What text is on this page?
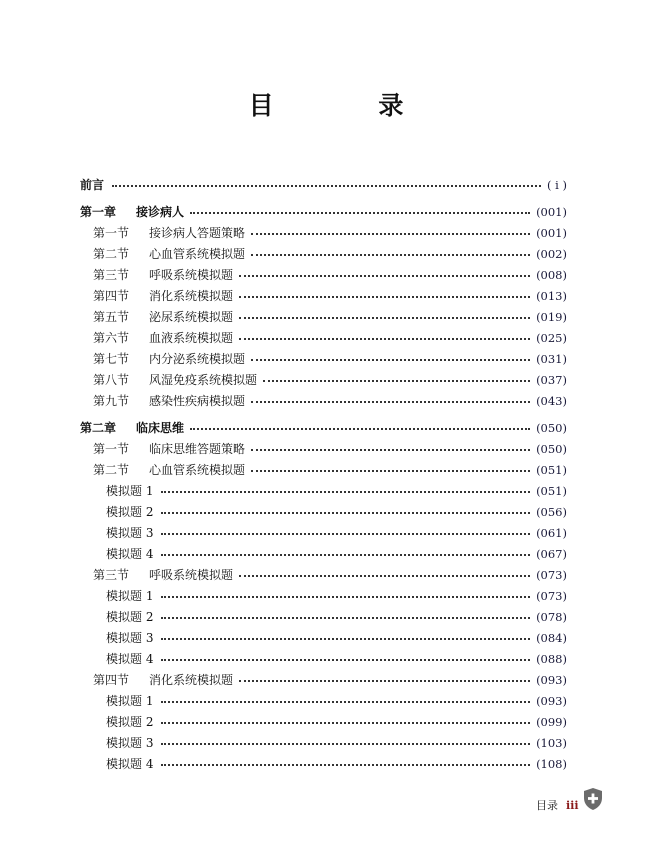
目 录
前言	( ⅰ )
第一章 接诊病人	(001)
第一节 接诊病人答题策略	(001)
第二节 心血管系统模拟题	(002)
第三节 呼吸系统模拟题	(008)
第四节 消化系统模拟题	(013)
第五节 泌尿系统模拟题	(019)
第六节 血液系统模拟题	(025)
第七节 内分泌系统模拟题	(031)
第八节 风湿免疫系统模拟题	(037)
第九节 感染性疾病模拟题	(043)
第二章 临床思维	(050)
第一节 临床思维答题策略	(050)
第二节 心血管系统模拟题	(051)
模拟题 1	(051)
模拟题 2	(056)
模拟题 3	(061)
模拟题 4	(067)
第三节 呼吸系统模拟题	(073)
模拟题 1	(073)
模拟题 2	(078)
模拟题 3	(084)
模拟题 4	(088)
第四节 消化系统模拟题	(093)
模拟题 1	(093)
模拟题 2	(099)
模拟题 3	(103)
模拟题 4	(108)
目录 ⅲ
